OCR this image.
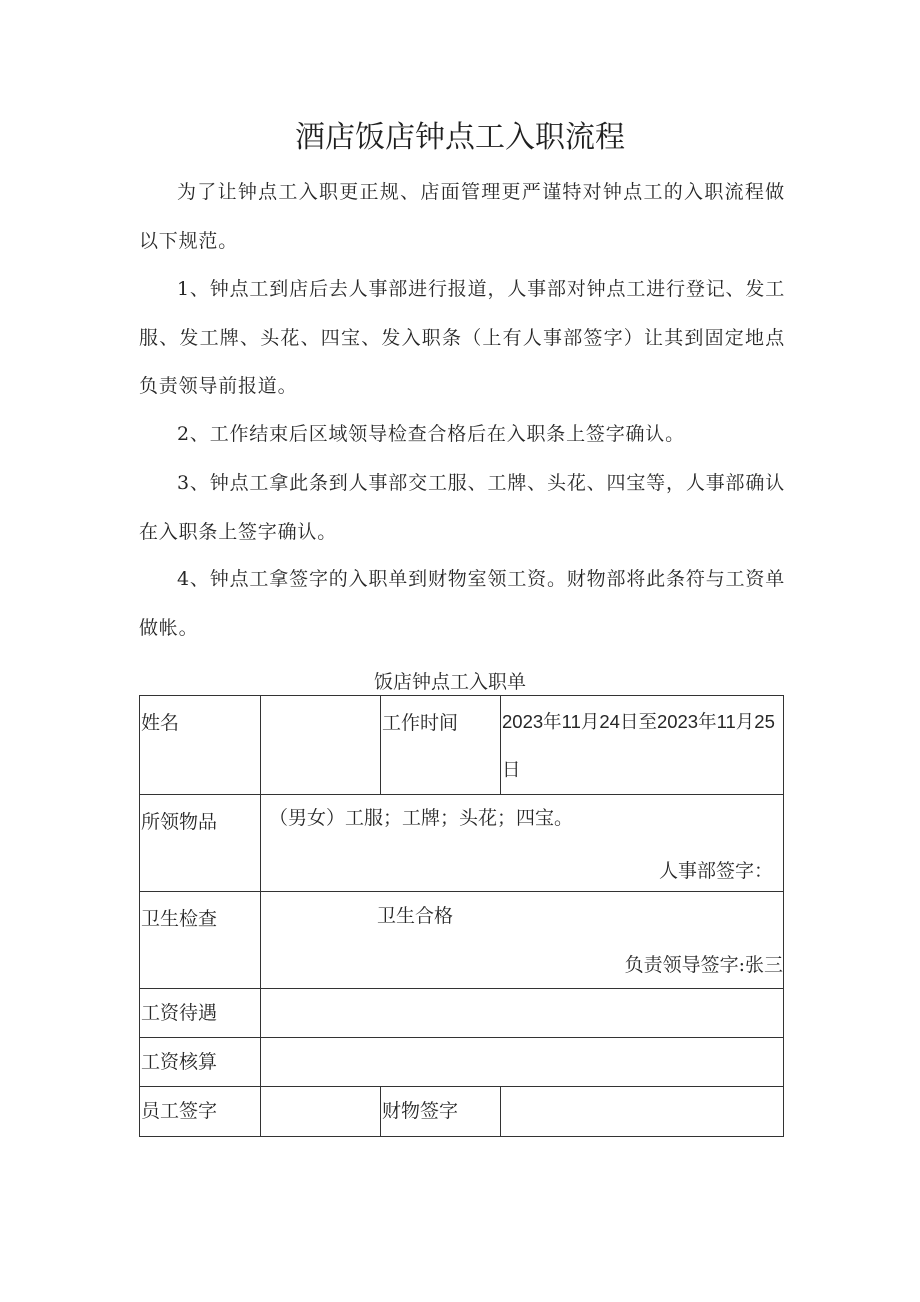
酒店饭店钟点工入职流程
为了让钟点工入职更正规、店面管理更严谨特对钟点工的入职流程做以下规范。
1、钟点工到店后去人事部进行报道，人事部对钟点工进行登记、发工服、发工牌、头花、四宝、发入职条（上有人事部签字）让其到固定地点负责领导前报道。
2、工作结束后区域领导检查合格后在入职条上签字确认。
3、钟点工拿此条到人事部交工服、工牌、头花、四宝等，人事部确认在入职条上签字确认。
4、钟点工拿签字的入职单到财物室领工资。财物部将此条符与工资单做帐。
饭店钟点工入职单
姓名		工作时间	2023年11月24日至2023年11月25日

所领物品	（男女）工服；工牌；头花；四宝。
人事部签字：		

卫生检查	卫生合格
负责领导签字:张三		

工资待遇			

工资核算			

员工签字		财物签字	
